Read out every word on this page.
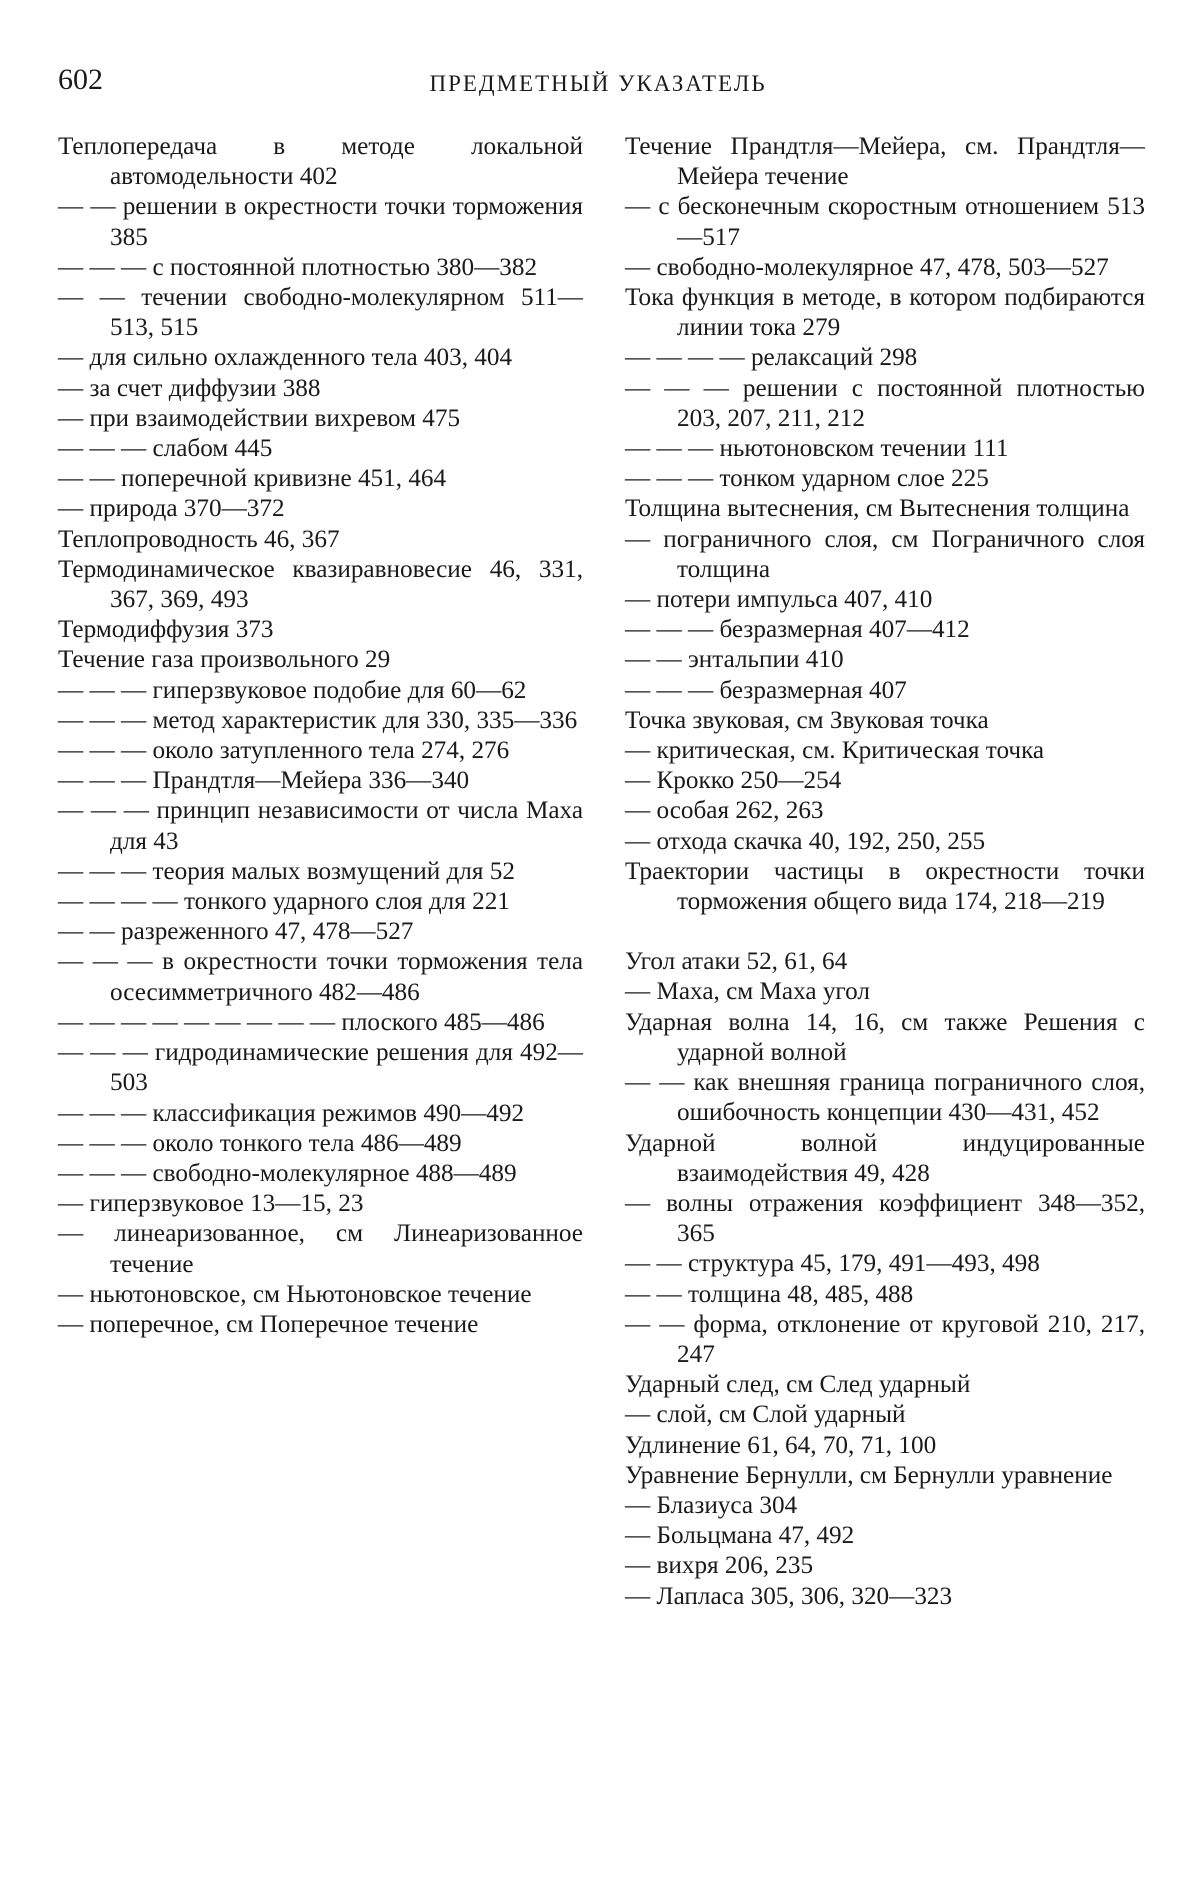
602	ПРЕДМЕТНЫЙ УКАЗАТЕЛЬ

Теплопередача в методе локальной автомодельности 402

— — решении в окрестности точки торможения 385

— — — с постоянной плотностью 380—382

— — течении свободно-молекулярном 511—513, 515

— для сильно охлажденного тела 403, 404

— за счет диффузии 388

— при взаимодействии вихревом 475

— — — слабом 445

— — поперечной кривизне 451, 464

— природа 370—372

Теплопроводность 46, 367

Термодинамическое квазиравновесие 46, 331, 367, 369, 493

Термодиффузия 373

Течение газа произвольного 29

— — — гиперзвуковое подобие для 60—62

— — — метод характеристик для 330, 335—336

— — — около затупленного тела 274, 276

— — — Прандтля—Мейера 336—340

— — — принцип независимости от числа Маха для 43

— — — теория малых возмущений для 52

— — — — тонкого ударного слоя для 221

— — разреженного 47, 478—527

— — — в окрестности точки торможения тела осесимметричного 482—486

— — — — — — — — — плоского 485—486

— — — гидродинамические решения для 492—503

— — — классификация режимов 490—492

— — — около тонкого тела 486—489

— — — свободно-молекулярное 488—489

— гиперзвуковое 13—15, 23

— линеаризованное, см Линеаризованное течение

— ньютоновское, см Ньютоновское течение

— поперечное, см Поперечное течение

Течение Прандтля—Мейера, см. Прандтля—Мейера течение

— с бесконечным скоростным отношением 513—517

— свободно-молекулярное 47, 478, 503—527

Тока функция в методе, в котором подбираются линии тока 279

— — — — релаксаций 298

— — — решении с постоянной плотностью 203, 207, 211, 212

— — — ньютоновском течении 111

— — — тонком ударном слое 225

Толщина вытеснения, см Вытеснения толщина

— пограничного слоя, см Пограничного слоя толщина

— потери импульса 407, 410

— — — безразмерная 407—412

— — энтальпии 410

— — — безразмерная 407

Точка звуковая, см Звуковая точка

— критическая, см. Критическая точка

— Крокко 250—254

— особая 262, 263

— отхода скачка 40, 192, 250, 255

Траектории частицы в окрестности точки торможения общего вида 174, 218—219

Угол атаки 52, 61, 64

— Маха, см Маха угол

Ударная волна 14, 16, см также Решения с ударной волной

— — как внешняя граница пограничного слоя, ошибочность концепции 430—431, 452

Ударной волной индуцированные взаимодействия 49, 428

— волны отражения коэффициент 348—352, 365

— — структура 45, 179, 491—493, 498

— — толщина 48, 485, 488

— — форма, отклонение от круговой 210, 217, 247

Ударный след, см След ударный

— слой, см Слой ударный

Удлинение 61, 64, 70, 71, 100

Уравнение Бернулли, см Бернулли уравнение

— Блазиуса 304

— Больцмана 47, 492

— вихря 206, 235

— Лапласа 305, 306, 320—323
